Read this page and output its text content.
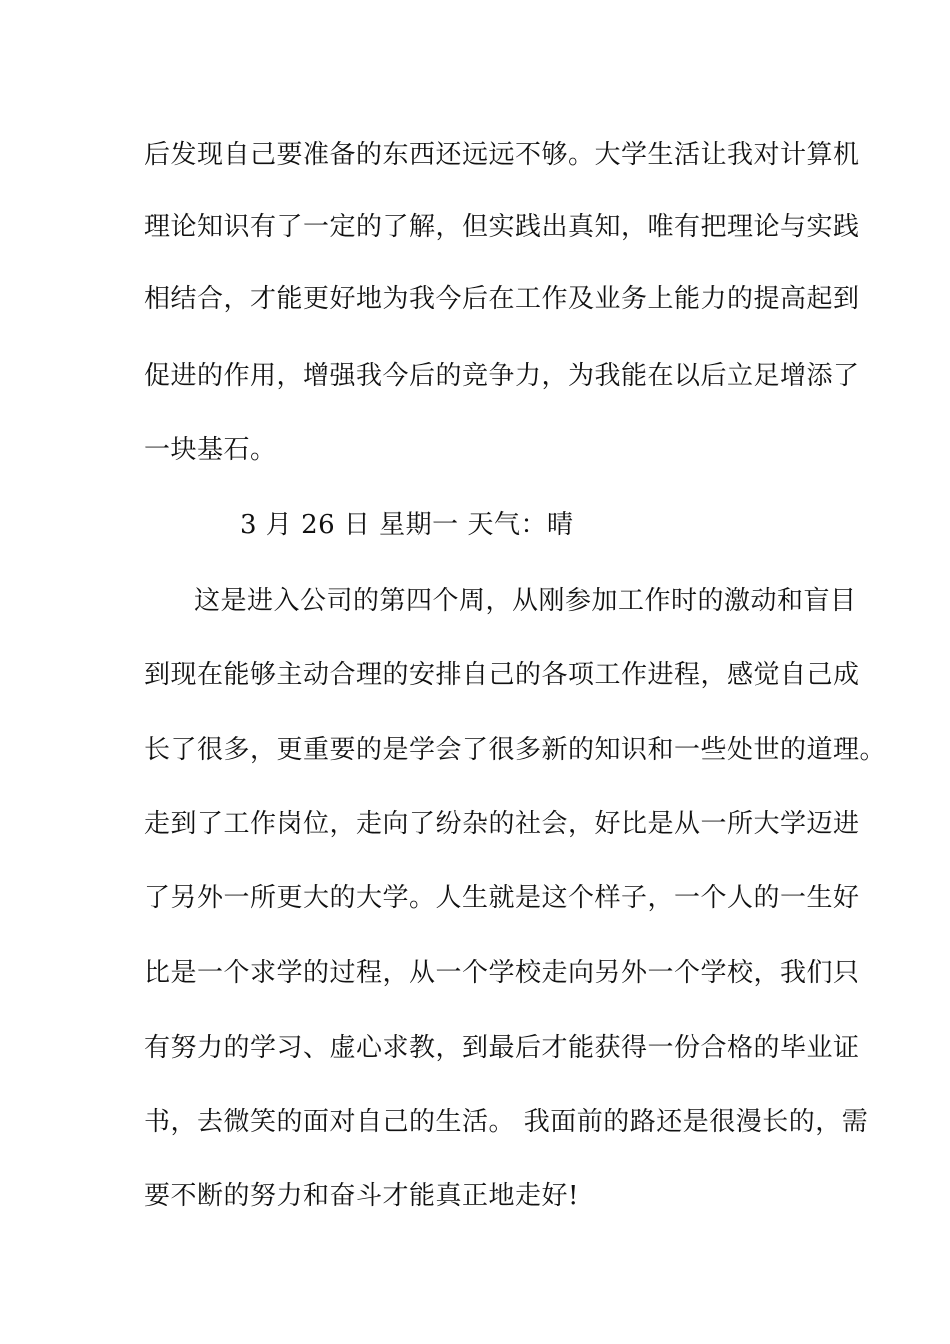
后发现自己要准备的东西还远远不够。大学生活让我对计算机
理论知识有了一定的了解，但实践出真知，唯有把理论与实践
相结合，才能更好地为我今后在工作及业务上能力的提高起到
促进的作用，增强我今后的竞争力，为我能在以后立足增添了
一块基石。
3 月 26 日 星期一 天气：晴
这是进入公司的第四个周，从刚参加工作时的激动和盲目
到现在能够主动合理的安排自己的各项工作进程，感觉自己成
长了很多，更重要的是学会了很多新的知识和一些处世的道理。
走到了工作岗位，走向了纷杂的社会，好比是从一所大学迈进
了另外一所更大的大学。人生就是这个样子，一个人的一生好
比是一个求学的过程，从一个学校走向另外一个学校，我们只
有努力的学习、虚心求教，到最后才能获得一份合格的毕业证
书，去微笑的面对自己的生活。 我面前的路还是很漫长的，需
要不断的努力和奋斗才能真正地走好!
